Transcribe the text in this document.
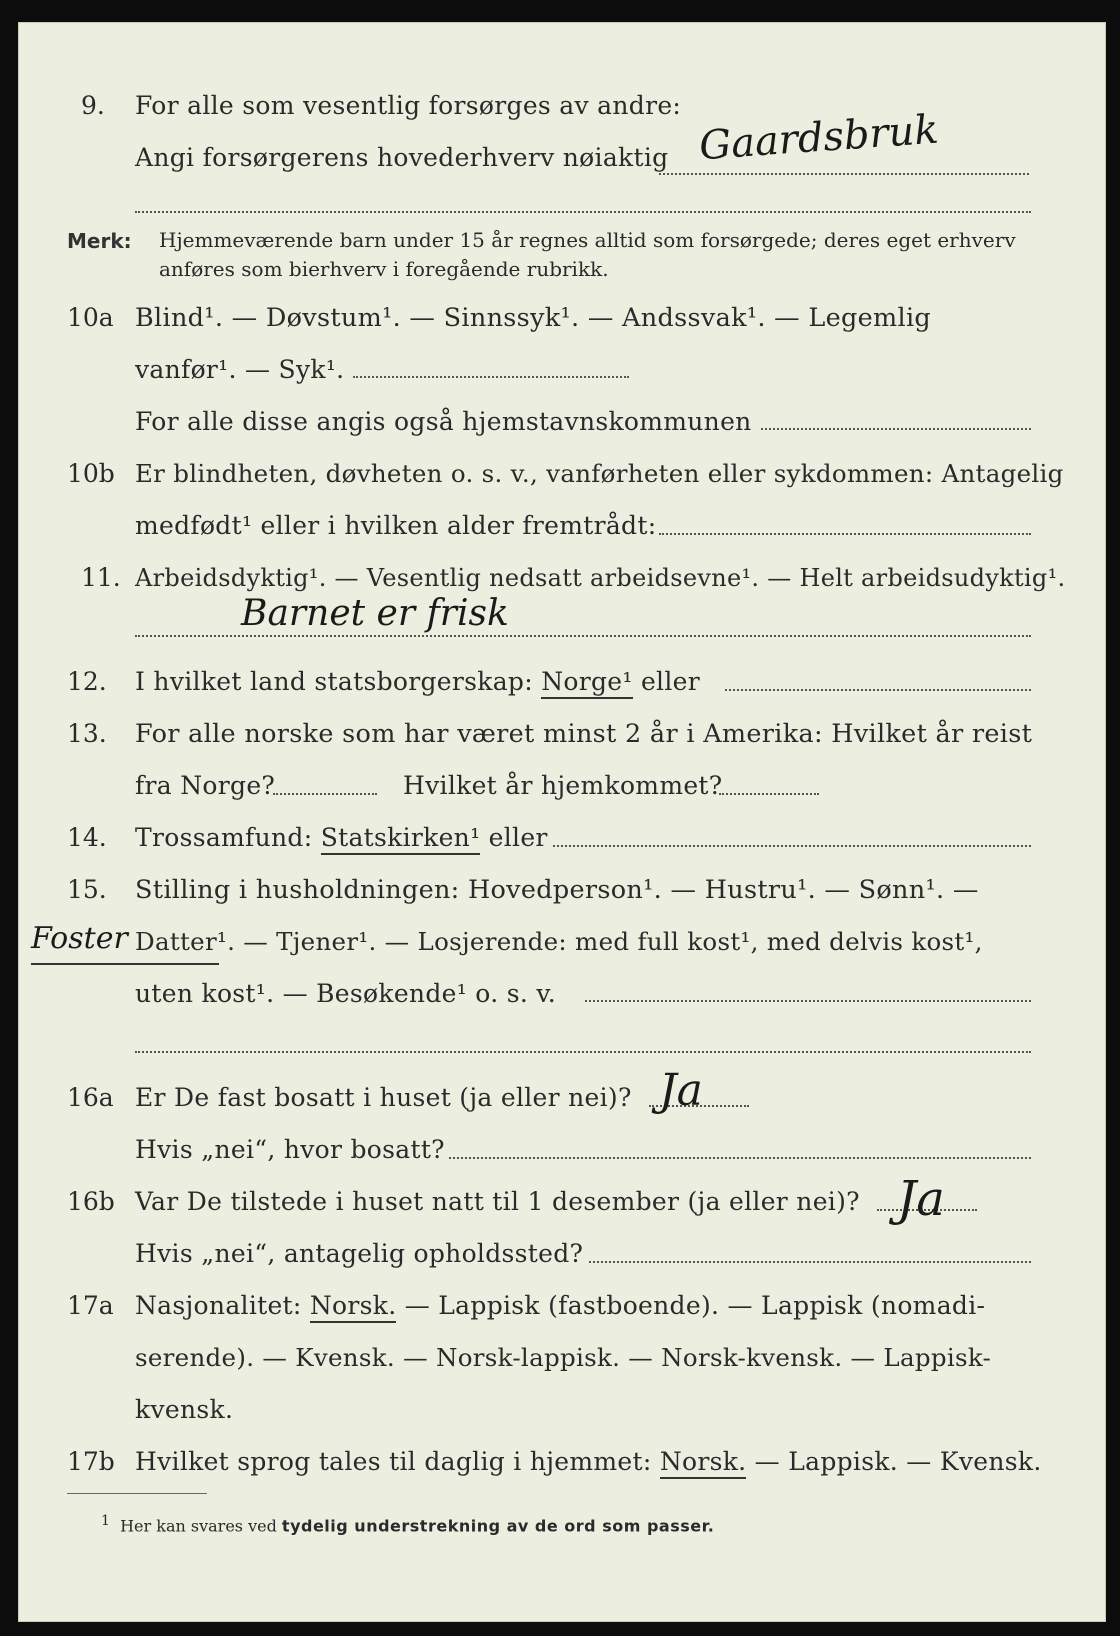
9. For alle som vesentlig forsørges av andre:
Angi forsørgerens hovederhverv nøiaktig Gaardsbruk
Merk: Hjemmeværende barn under 15 år regnes alltid som forsørgede; deres eget erhverv
anføres som bierhverv i foregående rubrikk.
10a Blind¹. — Døvstum¹. — Sinnssyk¹. — Andssvak¹. — Legemlig
vanfør¹. — Syk¹.
For alle disse angis også hjemstavnskommunen
10b Er blindheten, døvheten o. s. v., vanførheten eller sykdommen: Antagelig
medfødt¹ eller i hvilken alder fremtrådt:
11. Arbeidsdyktig¹. — Vesentlig nedsatt arbeidsevne¹. — Helt arbeidsudyktig¹.
Barnet er frisk
12. I hvilket land statsborgerskap: Norge¹ eller
13. For alle norske som har været minst 2 år i Amerika: Hvilket år reist
fra Norge?	Hvilket år hjemkommet?
14. Trossamfund: Statskirken¹ eller
15. Stilling i husholdningen: Hovedperson¹. — Hustru¹. — Sønn¹. —
Foster Datter¹. — Tjener¹. — Losjerende: med full kost¹, med delvis kost¹,
uten kost¹. — Besøkende¹ o. s. v.
16a Er De fast bosatt i huset (ja eller nei)? Ja
Hvis „nei“, hvor bosatt?
16b Var De tilstede i huset natt til 1 desember (ja eller nei)? Ja
Hvis „nei“, antagelig opholdssted?
17a Nasjonalitet: Norsk. — Lappisk (fastboende). — Lappisk (nomadi-
serende). — Kvensk. — Norsk-lappisk. — Norsk-kvensk. — Lappisk-
kvensk.
17b Hvilket sprog tales til daglig i hjemmet: Norsk. — Lappisk. — Kvensk.
$^1$ Her kan svares ved tydelig understrekning av de ord som passer.
